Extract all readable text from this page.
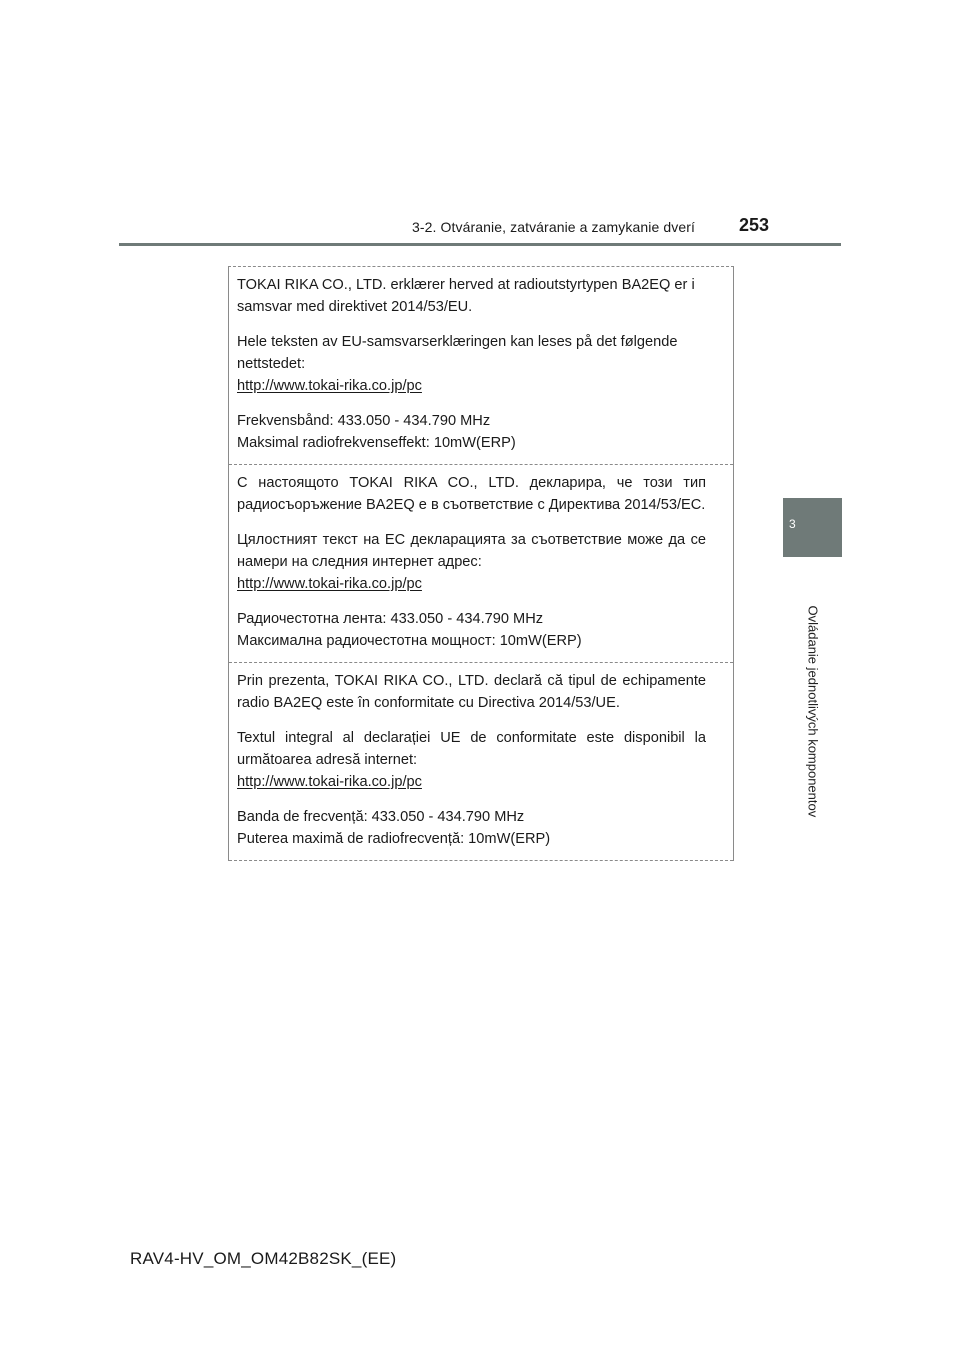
3-2. Otváranie, zatváranie a zamykanie dverí 253
3
Ovládanie jednotlivých komponentov

TOKAI RIKA CO., LTD. erklærer herved at radioutstyrtypen BA2EQ er i samsvar med direktivet 2014/53/EU.

Hele teksten av EU-samsvarserklæringen kan leses på det følgende nettstedet:

http://www.tokai-rika.co.jp/pc

Frekvensbånd: 433.050 - 434.790 MHz

Maksimal radiofrekvenseffekt: 10mW(ERP)

С настоящото TOKAI RIKA CO., LTD. декларира, че този тип радиосъоръжение BA2EQ е в съответствие с Директива 2014/53/ЕС.

Цялостният текст на ЕС декларацията за съответствие може да се намери на следния интернет адрес:

http://www.tokai-rika.co.jp/pc

Радиочестотна лента: 433.050 - 434.790 MHz

Максимална радиочестотна мощност: 10mW(ERP)

Prin prezenta, TOKAI RIKA CO., LTD. declară că tipul de echipamente radio BA2EQ este în conformitate cu Directiva 2014/53/UE.

Textul integral al declarației UE de conformitate este disponibil la următoarea adresă internet:

http://www.tokai-rika.co.jp/pc

Banda de frecvență: 433.050 - 434.790 MHz

Puterea maximă de radiofrecvență: 10mW(ERP)

RAV4-HV_OM_OM42B82SK_(EE)
